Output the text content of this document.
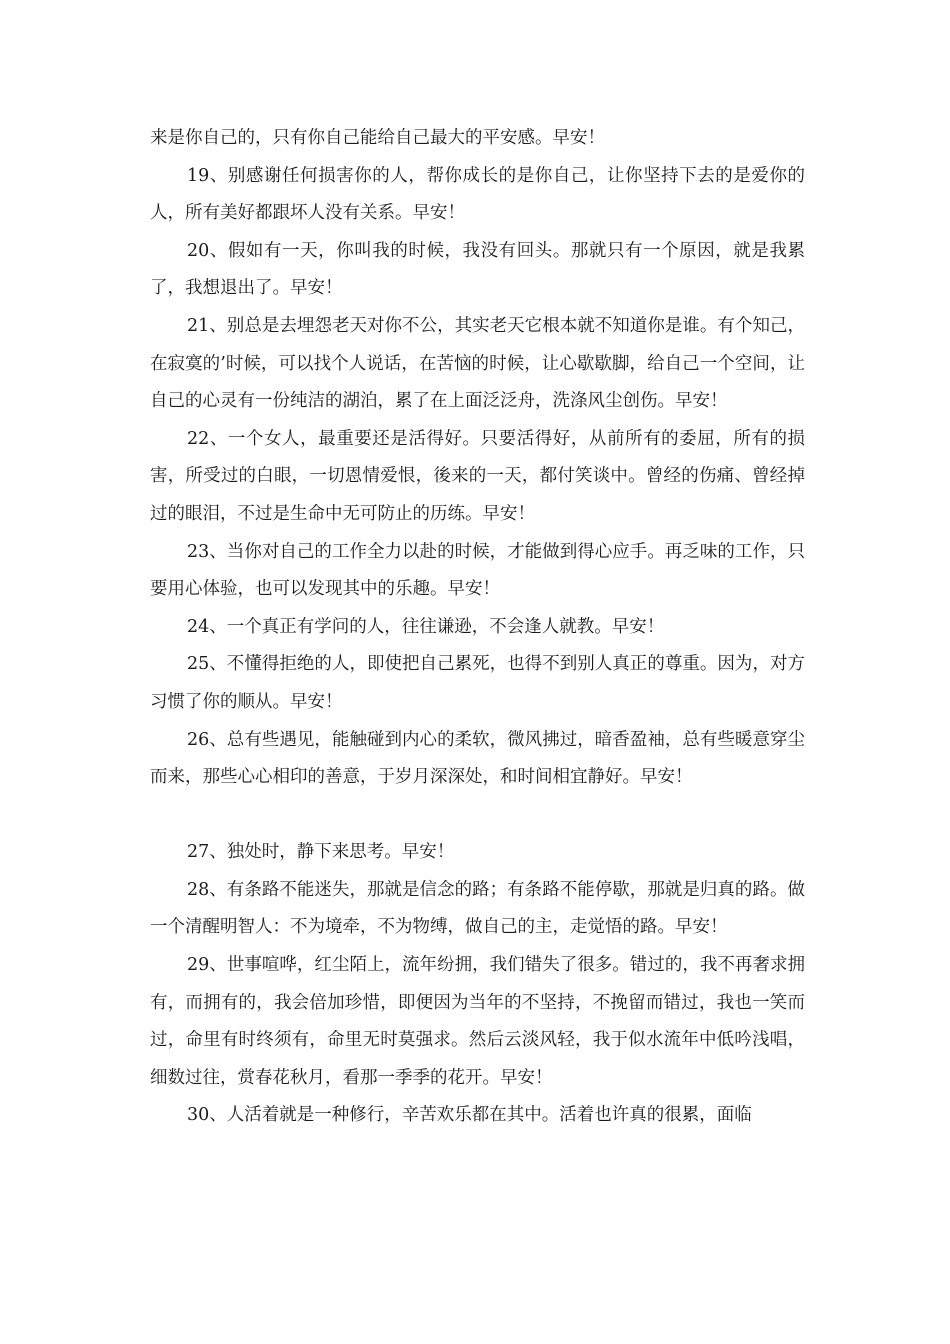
来是你自己的，只有你自己能给自己最大的平安感。早安！

19、别感谢任何损害你的人，帮你成长的是你自己，让你坚持下去的是爱你的人，所有美好都跟坏人没有关系。早安！

20、假如有一天，你叫我的时候，我没有回头。那就只有一个原因，就是我累了，我想退出了。早安！

21、别总是去埋怨老天对你不公，其实老天它根本就不知道你是谁。有个知己，在寂寞的’时候，可以找个人说话，在苦恼的时候，让心歇歇脚，给自己一个空间，让自己的心灵有一份纯洁的湖泊，累了在上面泛泛舟，洗涤风尘创伤。早安！

22、一个女人，最重要还是活得好。只要活得好，从前所有的委屈，所有的损害，所受过的白眼，一切恩情爱恨，後来的一天，都付笑谈中。曾经的伤痛、曾经掉过的眼泪，不过是生命中无可防止的历练。早安！

23、当你对自己的工作全力以赴的时候，才能做到得心应手。再乏味的工作，只要用心体验，也可以发现其中的乐趣。早安！

24、一个真正有学问的人，往往谦逊，不会逢人就教。早安！

25、不懂得拒绝的人，即使把自己累死，也得不到别人真正的尊重。因为，对方习惯了你的顺从。早安！

26、总有些遇见，能触碰到内心的柔软，微风拂过，暗香盈袖，总有些暖意穿尘而来，那些心心相印的善意，于岁月深深处，和时间相宜静好。早安！

27、独处时，静下来思考。早安！

28、有条路不能迷失，那就是信念的路；有条路不能停歇，那就是归真的路。做一个清醒明智人：不为境牵，不为物缚，做自己的主，走觉悟的路。早安！

29、世事喧哗，红尘陌上，流年纷拥，我们错失了很多。错过的，我不再奢求拥有，而拥有的，我会倍加珍惜，即便因为当年的不坚持，不挽留而错过，我也一笑而过，命里有时终须有，命里无时莫强求。然后云淡风轻，我于似水流年中低吟浅唱，细数过往，赏春花秋月，看那一季季的花开。早安！

30、人活着就是一种修行，辛苦欢乐都在其中。活着也许真的很累，面临
